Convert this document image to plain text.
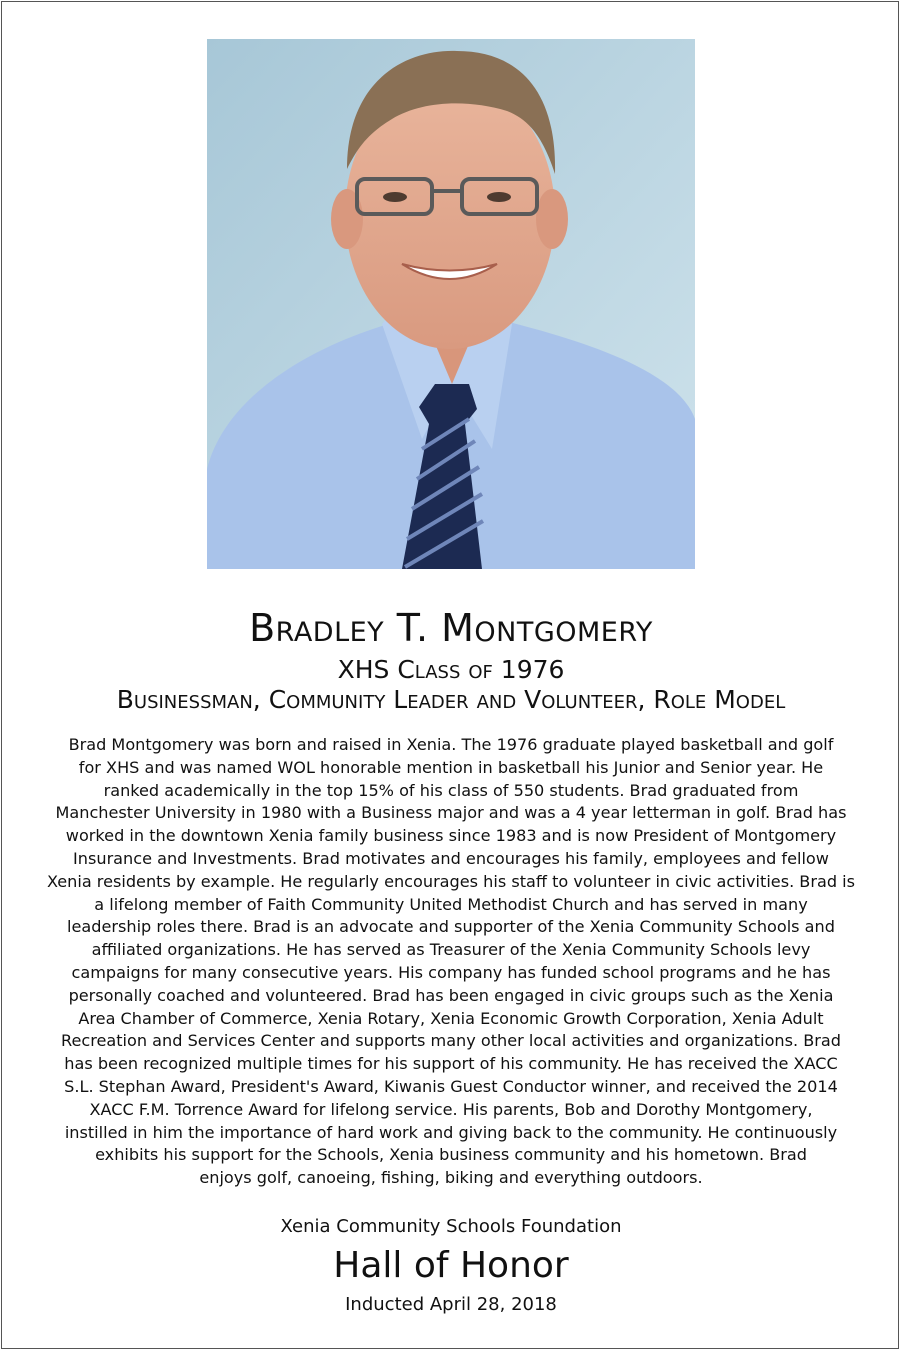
Bradley T. Montgomery
XHS Class of 1976
Businessman, Community Leader and Volunteer, Role Model
Brad Montgomery was born and raised in Xenia. The 1976 graduate played basketball and golf
for XHS and was named WOL honorable mention in basketball his Junior and Senior year. He
ranked academically in the top 15% of his class of 550 students. Brad graduated from
Manchester University in 1980 with a Business major and was a 4 year letterman in golf. Brad has
worked in the downtown Xenia family business since 1983 and is now President of Montgomery
Insurance and Investments. Brad motivates and encourages his family, employees and fellow
Xenia residents by example. He regularly encourages his staff to volunteer in civic activities. Brad is
a lifelong member of Faith Community United Methodist Church and has served in many
leadership roles there. Brad is an advocate and supporter of the Xenia Community Schools and
affiliated organizations. He has served as Treasurer of the Xenia Community Schools levy
campaigns for many consecutive years. His company has funded school programs and he has
personally coached and volunteered. Brad has been engaged in civic groups such as the Xenia
Area Chamber of Commerce, Xenia Rotary, Xenia Economic Growth Corporation, Xenia Adult
Recreation and Services Center and supports many other local activities and organizations. Brad
has been recognized multiple times for his support of his community. He has received the XACC
S.L. Stephan Award, President's Award, Kiwanis Guest Conductor winner, and received the 2014
XACC F.M. Torrence Award for lifelong service. His parents, Bob and Dorothy Montgomery,
instilled in him the importance of hard work and giving back to the community. He continuously
exhibits his support for the Schools, Xenia business community and his hometown. Brad
enjoys golf, canoeing, fishing, biking and everything outdoors.
Xenia Community Schools Foundation
Hall of Honor
Inducted April 28, 2018
